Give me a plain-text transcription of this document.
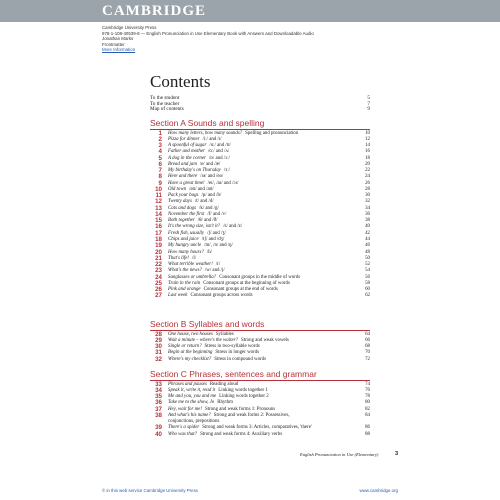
CAMBRIDGE
Cambridge University Press
978-1-108-40539-8 — English Pronunciation in Use Elementary Book with Answers and Downloadable Audio
Jonathan Marks
Frontmatter
More Information
Contents
To the student	5
To the teacher	7
Map of contents	9
Section A Sounds and spelling
1 How many letters, how many sounds? Spelling and pronunciation	10
2 Pizza for dinner /iː/ and /ɪ/	12
3 A spoonful of sugar /uː/ and /ʊ/	14
4 Father and mother /ɑː/ and /ʌ/	16
5 A dog in the corner /ɒ/ and /ɔː/	18
6 Bread and jam /e/ and /æ/	20
7 My birthday's on Thursday /ɜː/	22
8 Here and there /ɪə/ and /eə/	24
9 Have a great time! /eɪ/, /aɪ/ and /ɔɪ/	26
10 Old town /əʊ/ and /aʊ/	28
11 Pack your bags /p/ and /b/	30
12 Twenty days /t/ and /d/	32
13 Cats and dogs /k/ and /g/	34
14 November the first /f/ and /v/	36
15 Both together /θ/ and /ð/	38
16 It's the wrong size, isn't it? /s/ and /z/	40
17 Fresh fish, usually /ʃ/ and /ʒ/	42
18 Chips and juice /tʃ/ and /dʒ/	44
19 My hungry uncle /m/, /n/ and /ŋ/	46
20 How many hours? /h/	48
21 That's life! /l/	50
22 What terrible weather! /r/	52
23 What's the news? /w/ and /j/	54
24 Sunglasses or umbrella? Consonant groups in the middle of words	56
25 Train in the rain Consonant groups at the beginning of words	58
26 Pink and orange Consonant groups at the end of words	60
27 Last week Consonant groups across words	62
Section B Syllables and words
28 One house, two houses Syllables	64
29 Wait a minute – where's the waiter? Strong and weak vowels	66
30 Single or return? Stress in two-syllable words	68
31 Begin at the beginning Stress in longer words	70
32 Where's my checklist? Stress in compound words	72
Section C Phrases, sentences and grammar
33 Phrases and pauses Reading aloud	74
34 Speak it, write it, read it Linking words together 1	76
35 Me and you, you and me Linking words together 2	78
36 Take me to the show, Jo Rhythm	80
37 Hey, wait for me! Strong and weak forms 1: Pronouns	82
38 And what's his name? Strong and weak forms 2: Possessives,	84
conjunctions, prepositions
39 There's a spider Strong and weak forms 3: Articles, comparatives, 'there'	86
40 Who was that? Strong and weak forms 4: Auxiliary verbs	88
English Pronunciation in Use (Elementary)	3
© in this web service Cambridge University Press	www.cambridge.org
